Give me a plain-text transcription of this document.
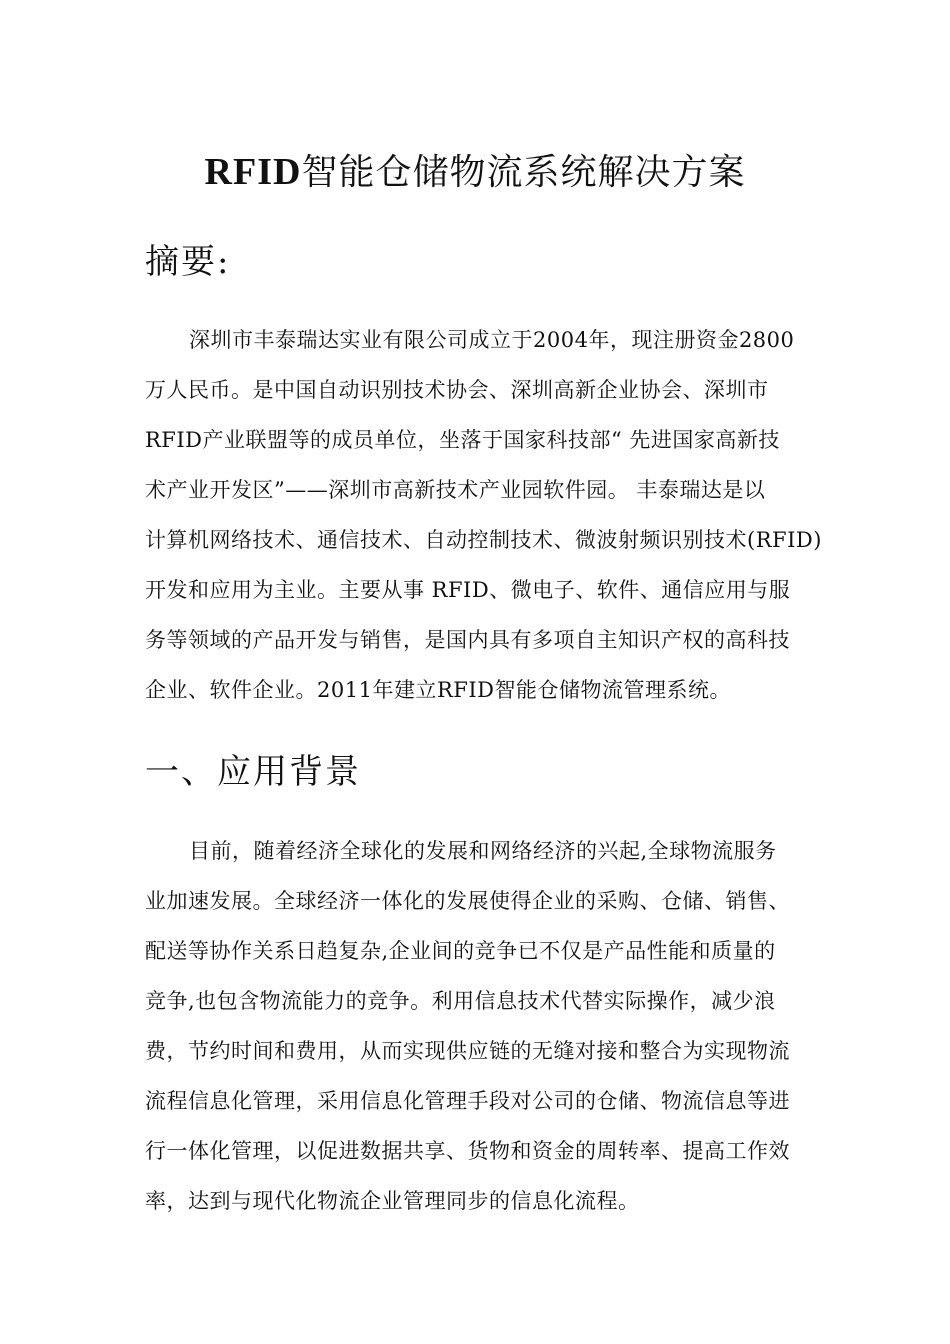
RFID智能仓储物流系统解决方案
摘要:
深圳市丰泰瑞达实业有限公司成立于2004年，现注册资金2800
万人民币。是中国自动识别技术协会、深圳高新企业协会、深圳市
RFID产业联盟等的成员单位，坐落于国家科技部“ 先进国家高新技
术产业开发区”——深圳市高新技术产业园软件园。 丰泰瑞达是以
计算机网络技术、通信技术、自动控制技术、微波射频识别技术(RFID)
开发和应用为主业。主要从事 RFID、微电子、软件、通信应用与服
务等领域的产品开发与销售，是国内具有多项自主知识产权的高科技
企业、软件企业。2011年建立RFID智能仓储物流管理系统。
一、应用背景
目前，随着经济全球化的发展和网络经济的兴起,全球物流服务
业加速发展。全球经济一体化的发展使得企业的采购、仓储、销售、
配送等协作关系日趋复杂,企业间的竞争已不仅是产品性能和质量的
竞争,也包含物流能力的竞争。利用信息技术代替实际操作，减少浪
费，节约时间和费用，从而实现供应链的无缝对接和整合为实现物流
流程信息化管理，采用信息化管理手段对公司的仓储、物流信息等进
行一体化管理，以促进数据共享、货物和资金的周转率、提高工作效
率，达到与现代化物流企业管理同步的信息化流程。
